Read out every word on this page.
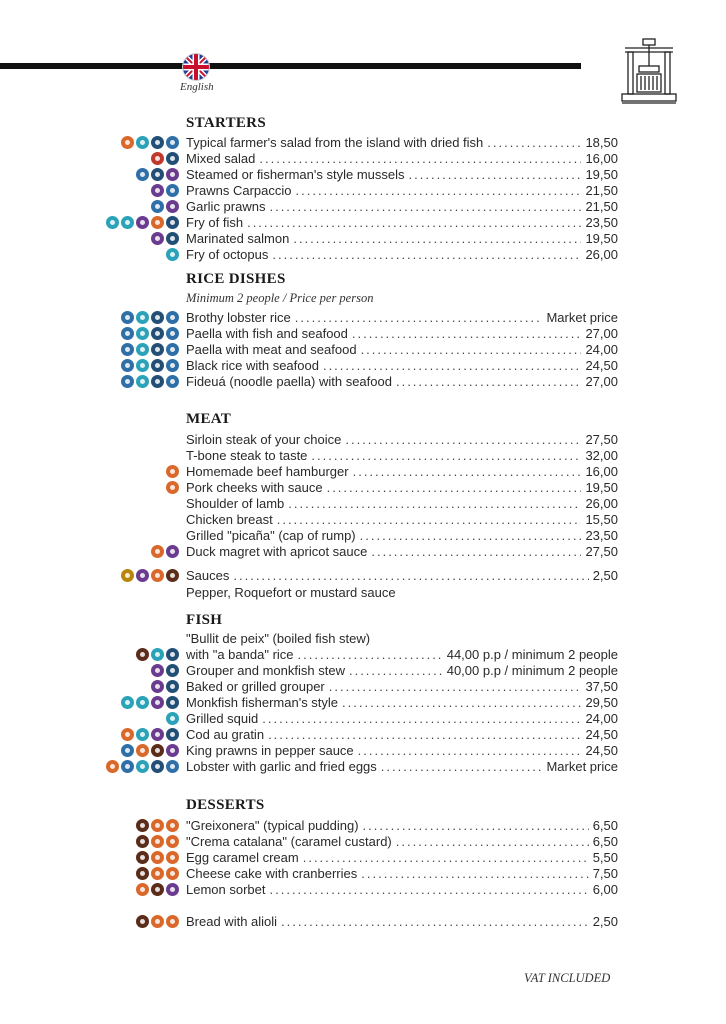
English
STARTERS
Typical farmer's salad from the island with dried fish .....	18,50
Mixed salad .....	16,00
Steamed or fisherman's style mussels .....	19,50
Prawns Carpaccio .....	21,50
Garlic prawns .....	21,50
Fry of fish .....	23,50
Marinated salmon .....	19,50
Fry of octopus .....	26,00
RICE DISHES
Minimum 2 people / Price per person
Brothy lobster rice .....	Market price
Paella with fish and seafood .....	27,00
Paella with meat and seafood .....	24,00
Black rice with seafood .....	24,50
Fideuá (noodle paella) with seafood .....	27,00
MEAT
Sirloin steak of your choice .....	27,50
T-bone steak to taste .....	32,00
Homemade beef hamburger .....	16,00
Pork cheeks with sauce .....	19,50
Shoulder of lamb .....	26,00
Chicken breast .....	15,50
Grilled "picaña" (cap of rump) .....	23,50
Duck magret with apricot sauce .....	27,50
Sauces .....	2,50
Pepper, Roquefort or mustard sauce
FISH
"Bullit de peix" (boiled fish stew)
with "a banda" rice .....	44,00 p.p / minimum 2 people
Grouper and monkfish stew .....	40,00 p.p / minimum 2 people
Baked or grilled grouper .....	37,50
Monkfish fisherman's style .....	29,50
Grilled squid .....	24,00
Cod au gratin .....	24,50
King prawns in pepper sauce .....	24,50
Lobster with garlic and fried eggs .....	Market price
DESSERTS
"Greixonera" (typical pudding) .....	6,50
"Crema catalana" (caramel custard) .....	6,50
Egg caramel cream .....	5,50
Cheese cake with cranberries .....	7,50
Lemon sorbet .....	6,00
Bread with alioli .....	2,50
VAT INCLUDED
